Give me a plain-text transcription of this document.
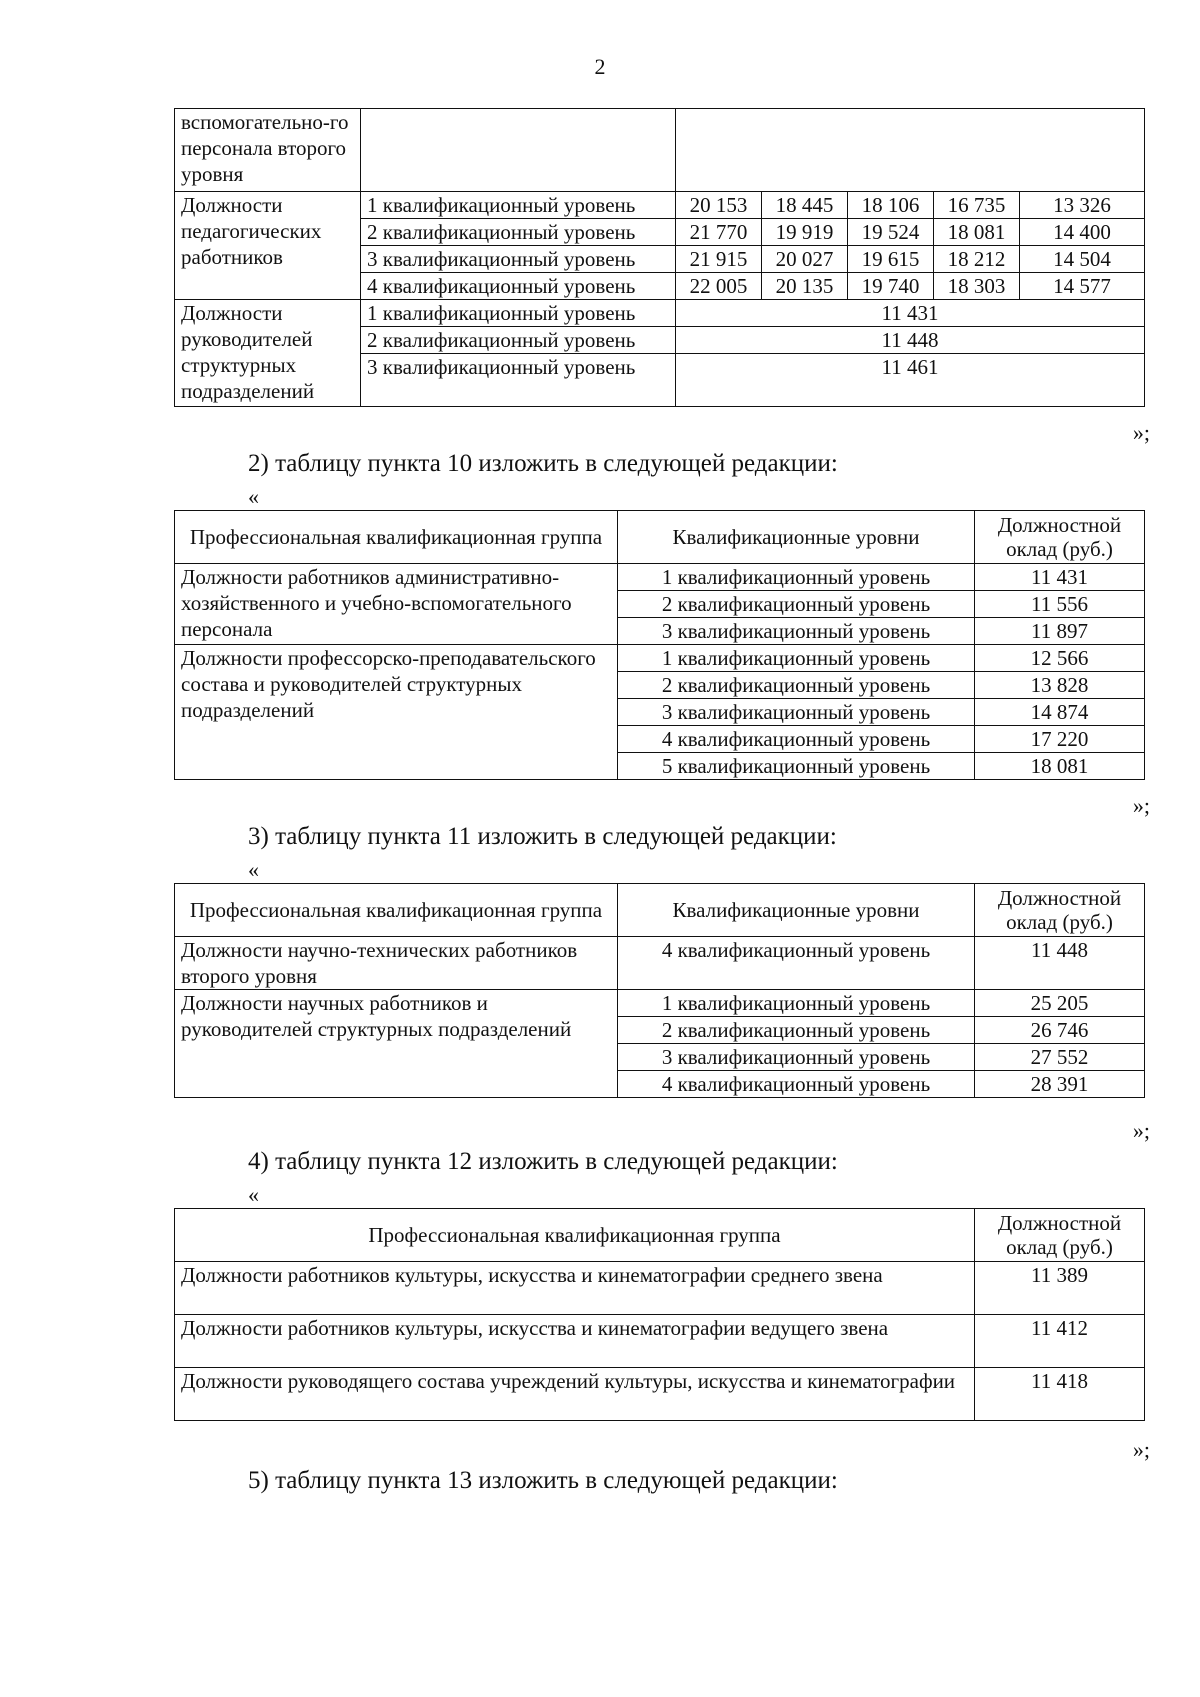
2
вспомогательно-го персонала второго уровня						
Должности педагогических работников	1 квалификационный уровень	20 153	18 445	18 106	16 735	13 326
	2 квалификационный уровень	21 770	19 919	19 524	18 081	14 400
	3 квалификационный уровень	21 915	20 027	19 615	18 212	14 504
	4 квалификационный уровень	22 005	20 135	19 740	18 303	14 577
Должности руководителей структурных подразделений	1 квалификационный уровень	11 431				
	2 квалификационный уровень	11 448				
	3 квалификационный уровень	11 461				
»;
2) таблицу пункта 10 изложить в следующей редакции:
«
Профессиональная квалификационная группа	Квалификационные уровни	Должностной оклад (руб.)
Должности работников административно-хозяйственного и учебно-вспомогательного персонала	1 квалификационный уровень	11 431
	2 квалификационный уровень	11 556
	3 квалификационный уровень	11 897
Должности профессорско-преподавательского состава и руководителей структурных подразделений	1 квалификационный уровень	12 566
	2 квалификационный уровень	13 828
	3 квалификационный уровень	14 874
	4 квалификационный уровень	17 220
	5 квалификационный уровень	18 081
»;
3) таблицу пункта 11 изложить в следующей редакции:
«
Профессиональная квалификационная группа	Квалификационные уровни	Должностной оклад (руб.)
Должности научно-технических работников второго уровня	4 квалификационный уровень	11 448
Должности научных работников и руководителей структурных подразделений	1 квалификационный уровень	25 205
	2 квалификационный уровень	26 746
	3 квалификационный уровень	27 552
	4 квалификационный уровень	28 391
»;
4) таблицу пункта 12 изложить в следующей редакции:
«
Профессиональная квалификационная группа	Должностной оклад (руб.)
Должности работников культуры, искусства и кинематографии среднего звена	11 389
Должности работников культуры, искусства и кинематографии ведущего звена	11 412
Должности руководящего состава учреждений культуры, искусства и кинематографии	11 418
»;
5) таблицу пункта 13 изложить в следующей редакции:
